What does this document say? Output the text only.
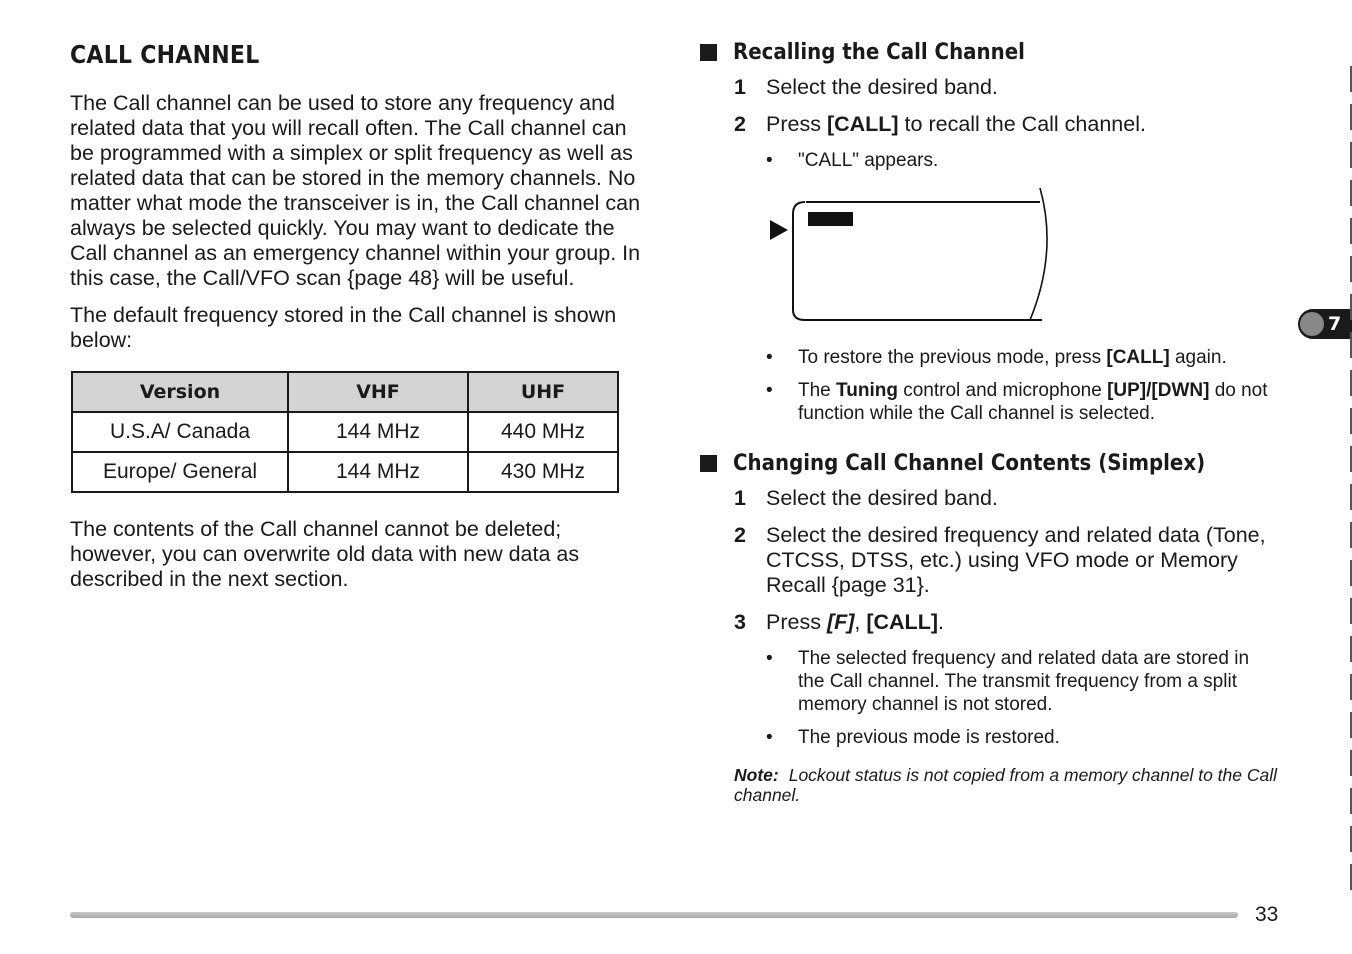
CALL CHANNEL

The Call channel can be used to store any frequency and related data that you will recall often. The Call channel can be programmed with a simplex or split frequency as well as related data that can be stored in the memory channels. No matter what mode the transceiver is in, the Call channel can always be selected quickly. You may want to dedicate the Call channel as an emergency channel within your group. In this case, the Call/VFO scan {page 48} will be useful.

The default frequency stored in the Call channel is shown below:

Version	VHF	UHF
U.S.A/ Canada	144 MHz	440 MHz
Europe/ General	144 MHz	430 MHz

The contents of the Call channel cannot be deleted; however, you can overwrite old data with new data as described in the next section.

Recalling the Call Channel
1 Select the desired band.
2 Press [CALL] to recall the Call channel.
•	"CALL" appears.
•	To restore the previous mode, press [CALL] again.
•	The Tuning control and microphone [UP]/[DWN] do not function while the Call channel is selected.
Changing Call Channel Contents (Simplex)
1 Select the desired band.
2 Select the desired frequency and related data (Tone,   CTCSS, DTSS, etc.) using VFO mode or Memory Recall {page 31}.
3 Press [F], [CALL].
•	The selected frequency and related data are stored in the Call channel. The transmit frequency from a split memory channel is not stored.
•	The previous mode is restored.
Note: Lockout status is not copied from a memory channel to the Call channel.
7
33
